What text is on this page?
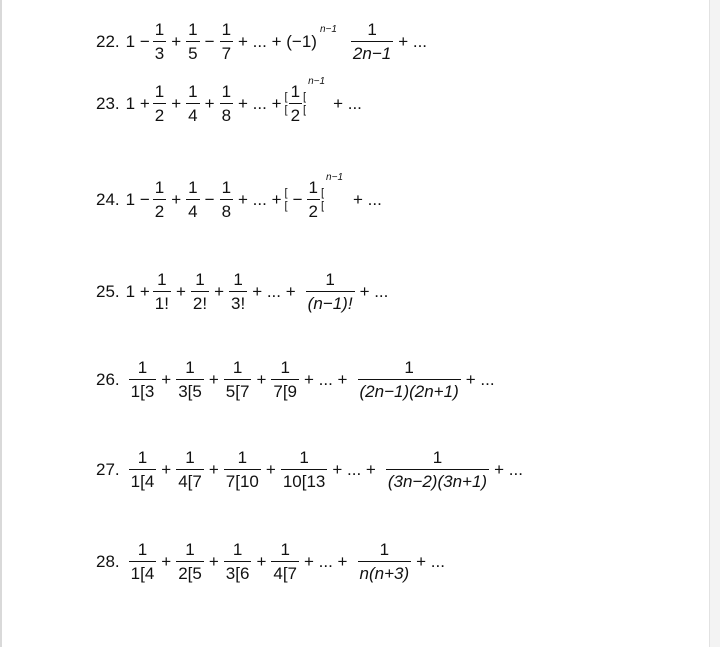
22. $1 - \frac{1}{3} + \frac{1}{5} - \frac{1}{7}$ + ... + (−1)
$n-1 \frac{1}{2n-1}$ + ...
23. $1 + \frac{1}{2} + \frac{1}{4} + \frac{1}{8}$ + ... + [
[ $\frac{1}{2}$ [
[
n−1
+ ...
24. $1 - \frac{1}{2} + \frac{1}{4} - \frac{1}{8}$ + ... + [
[ − $\frac{1}{2}$ [
[
n−1
+ ...
25. $1 + \frac{1}{1!} + \frac{1}{2!} + \frac{1}{3!}$ + ... + $\frac{1}{(n-1)!}$ + ...
26. $\frac{1}{1[3} + \frac{1}{3[5} + \frac{1}{5[7} + \frac{1}{7[9}$ + ... + $\frac{1}{(2n-1)(2n+1)}$ + ...
27. $\frac{1}{1[4} + \frac{1}{4[7} + \frac{1}{7[10} + \frac{1}{10[13}$ + ... + $\frac{1}{(3n-2)(3n+1)}$ + ...
28. $\frac{1}{1[4} + \frac{1}{2[5} + \frac{1}{3[6} + \frac{1}{4[7}$ + ... + $\frac{1}{n(n+3)}$ + ...
